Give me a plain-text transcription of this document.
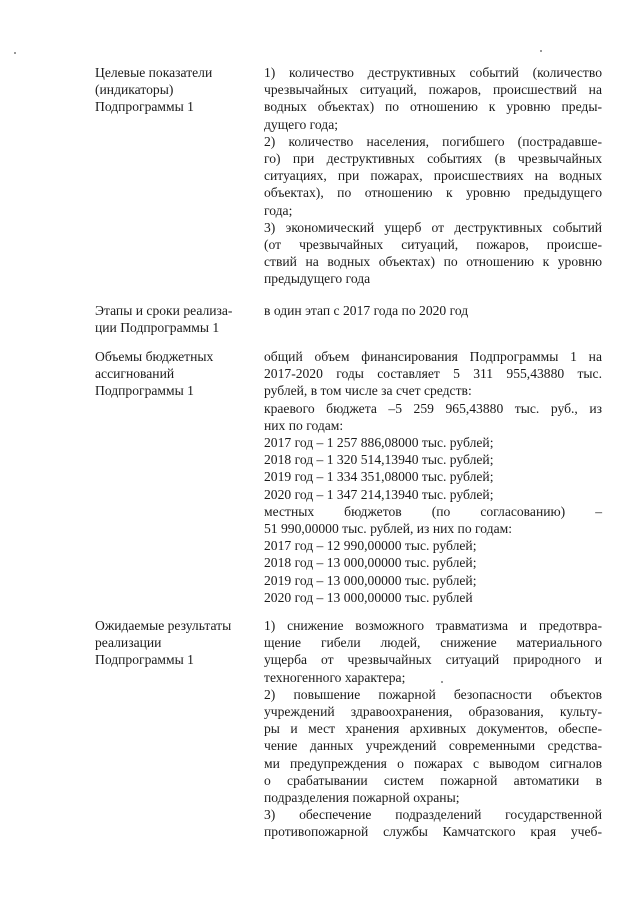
Целевые показатели
(индикаторы)
Подпрограммы 1
1) количество деструктивных событий (количество
чрезвычайных ситуаций, пожаров, происшествий на
водных объектах) по отношению к уровню преды-
дущего года;
2) количество населения, погибшего (пострадавше-
го) при деструктивных событиях (в чрезвычайных
ситуациях, при пожарах, происшествиях на водных
объектах), по отношению к уровню предыдущего
года;
3) экономический ущерб от деструктивных событий
(от чрезвычайных ситуаций, пожаров, происше-
ствий на водных объектах) по отношению к уровню
предыдущего года
Этапы и сроки реализа-
ции Подпрограммы 1
в один этап с 2017 года по 2020 год
Объемы бюджетных
ассигнований
Подпрограммы 1
общий объем финансирования Подпрограммы 1 на
2017-2020 годы составляет 5 311 955,43880 тыс.
рублей, в том числе за счет средств:
краевого бюджета –5 259 965,43880 тыс. руб., из
них по годам:
2017 год – 1 257 886,08000 тыс. рублей;
2018 год – 1 320 514,13940 тыс. рублей;
2019 год – 1 334 351,08000 тыс. рублей;
2020 год – 1 347 214,13940 тыс. рублей;
местных бюджетов (по согласованию) –
51 990,00000 тыс. рублей, из них по годам:
2017 год – 12 990,00000 тыс. рублей;
2018 год – 13 000,00000 тыс. рублей;
2019 год – 13 000,00000 тыс. рублей;
2020 год – 13 000,00000 тыс. рублей
Ожидаемые результаты
реализации
Подпрограммы 1
1) снижение возможного травматизма и предотвра-
щение гибели людей, снижение материального
ущерба от чрезвычайных ситуаций природного и
техногенного характера;
2) повышение пожарной безопасности объектов
учреждений здравоохранения, образования, культу-
ры и мест хранения архивных документов, обеспе-
чение данных учреждений современными средства-
ми предупреждения о пожарах с выводом сигналов
о срабатывании систем пожарной автоматики в
подразделения пожарной охраны;
3) обеспечение подразделений государственной
противопожарной службы Камчатского края учеб-
